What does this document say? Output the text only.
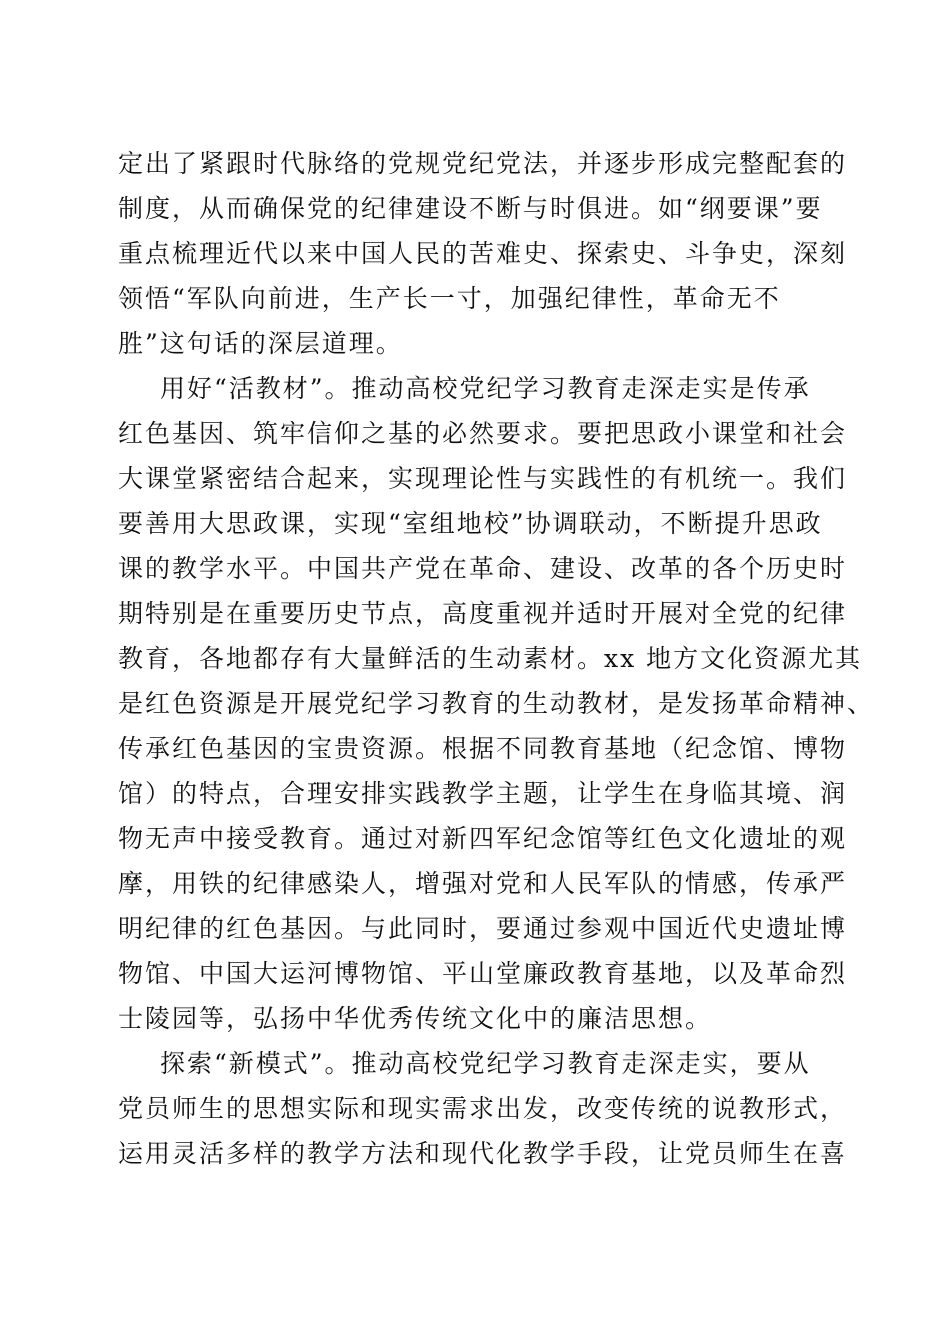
定出了紧跟时代脉络的党规党纪党法，并逐步形成完整配套的
制度，从而确保党的纪律建设不断与时俱进。如“纲要课”要
重点梳理近代以来中国人民的苦难史、探索史、斗争史，深刻
领悟“军队向前进，生产长一寸，加强纪律性，革命无不
胜”这句话的深层道理。
用好“活教材”。推动高校党纪学习教育走深走实是传承
红色基因、筑牢信仰之基的必然要求。要把思政小课堂和社会
大课堂紧密结合起来，实现理论性与实践性的有机统一。我们
要善用大思政课，实现“室组地校”协调联动，不断提升思政
课的教学水平。中国共产党在革命、建设、改革的各个历史时
期特别是在重要历史节点，高度重视并适时开展对全党的纪律
教育，各地都存有大量鲜活的生动素材。xx 地方文化资源尤其
是红色资源是开展党纪学习教育的生动教材，是发扬革命精神、
传承红色基因的宝贵资源。根据不同教育基地（纪念馆、博物
馆）的特点，合理安排实践教学主题，让学生在身临其境、润
物无声中接受教育。通过对新四军纪念馆等红色文化遗址的观
摩，用铁的纪律感染人，增强对党和人民军队的情感，传承严
明纪律的红色基因。与此同时，要通过参观中国近代史遗址博
物馆、中国大运河博物馆、平山堂廉政教育基地，以及革命烈
士陵园等，弘扬中华优秀传统文化中的廉洁思想。
探索“新模式”。推动高校党纪学习教育走深走实，要从
党员师生的思想实际和现实需求出发，改变传统的说教形式，
运用灵活多样的教学方法和现代化教学手段，让党员师生在喜
